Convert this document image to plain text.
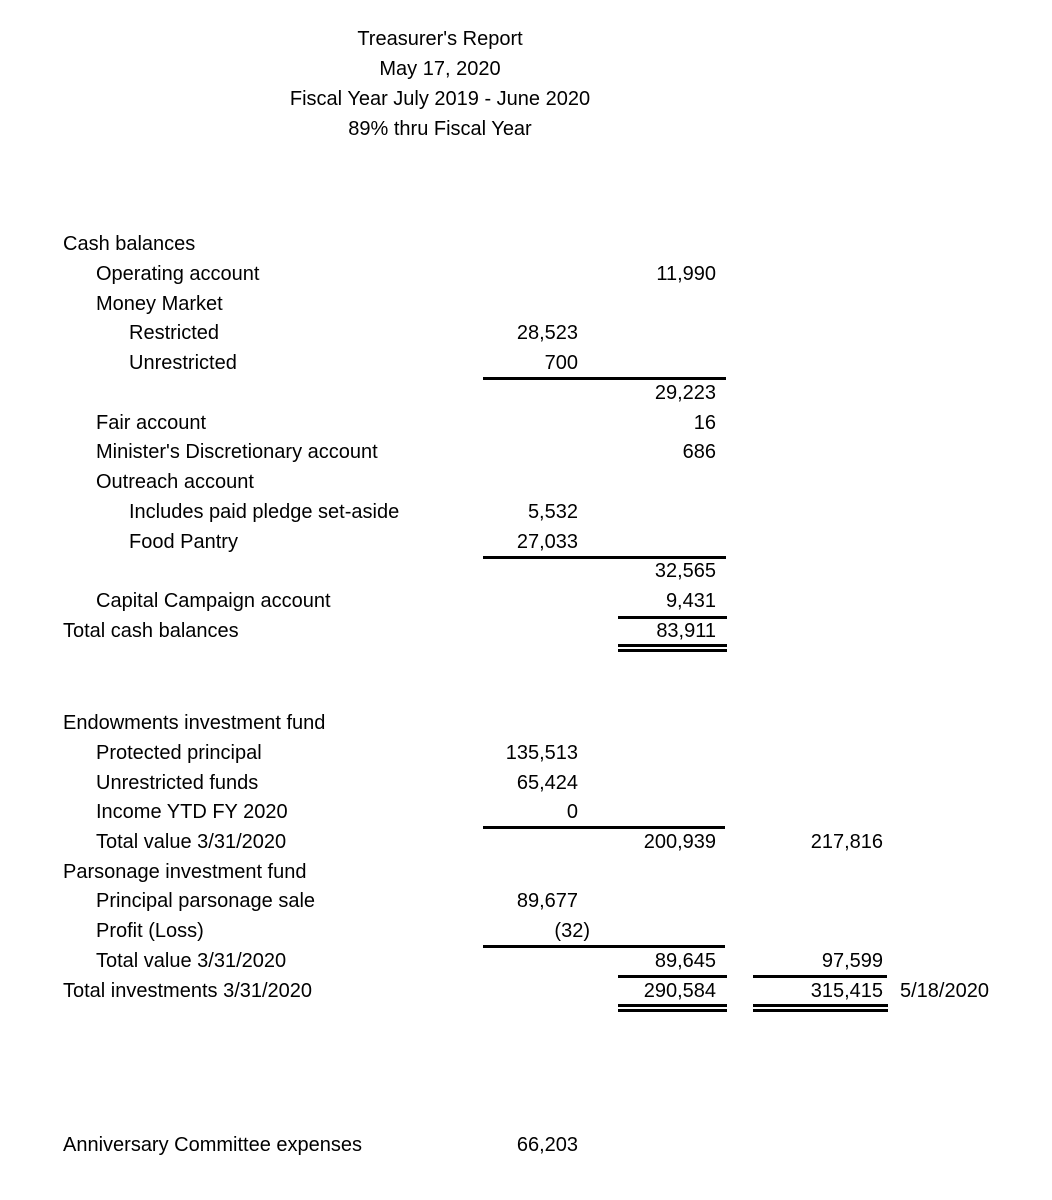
Treasurer's Report
May 17, 2020
Fiscal Year July 2019 - June 2020
89% thru Fiscal Year
Cash balances
Operating account	11,990
Money Market
Restricted	28,523
Unrestricted	700
29,223
Fair account	16
Minister's Discretionary account	686
Outreach account
Includes paid pledge set-aside	5,532
Food Pantry	27,033
32,565
Capital Campaign account	9,431
Total cash balances	83,911
Endowments investment fund
Protected principal	135,513
Unrestricted funds	65,424
Income YTD FY 2020	0
Total value 3/31/2020	200,939	217,816
Parsonage investment fund
Principal parsonage sale	89,677
Profit (Loss)	(32)
Total value 3/31/2020	89,645	97,599
Total investments 3/31/2020	290,584	315,415 5/18/2020
Anniversary Committee expenses	66,203
